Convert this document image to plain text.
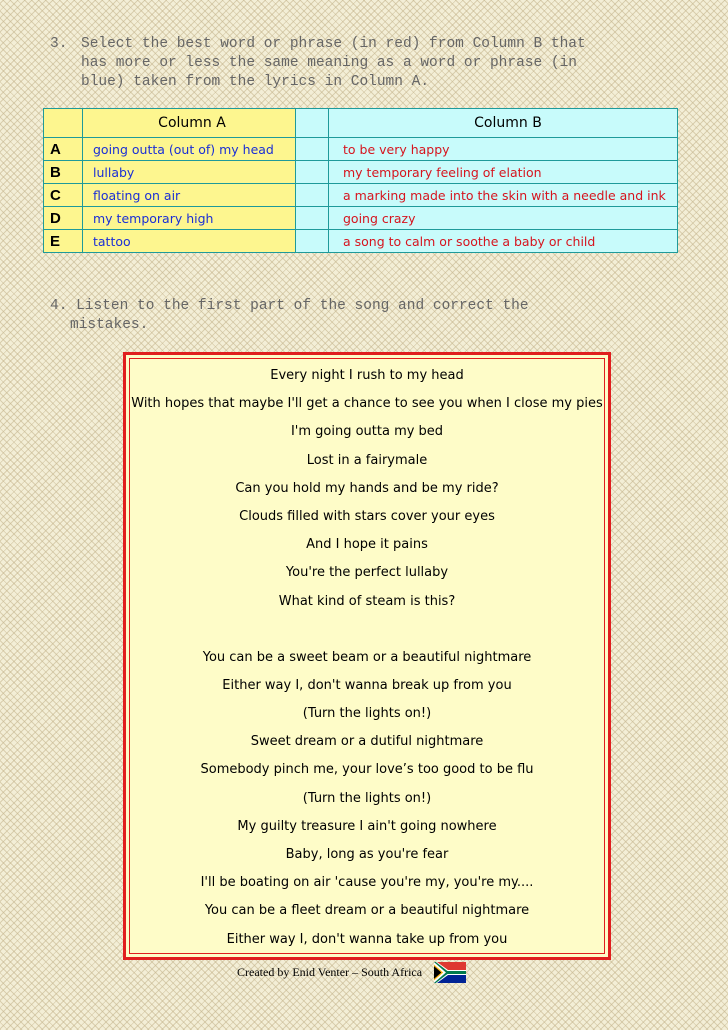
3. Select the best word or phrase (in red) from Column B that
has more or less the same meaning as a word or phrase (in
blue) taken from the lyrics in Column A.
	Column A		Column B
A	going outta (out of) my head		to be very happy
B	lullaby		my temporary feeling of elation
C	floating on air		a marking made into the skin with a needle and ink
D	my temporary high		going crazy
E	tattoo		a song to calm or soothe a baby or child
4. Listen to the first part of the song and correct the
mistakes.
Every night I rush to my head
With hopes that maybe I'll get a chance to see you when I close my pies
I'm going outta my bed
Lost in a fairymale
Can you hold my hands and be my ride?
Clouds filled with stars cover your eyes
And I hope it pains
You're the perfect lullaby
What kind of steam is this?
You can be a sweet beam or a beautiful nightmare
Either way I, don't wanna break up from you
(Turn the lights on!)
Sweet dream or a dutiful nightmare
Somebody pinch me, your love’s too good to be flu
(Turn the lights on!)
My guilty treasure I ain't going nowhere
Baby, long as you're fear
I'll be boating on air 'cause you're my, you're my....
You can be a fleet dream or a beautiful nightmare
Either way I, don't wanna take up from you
Created by Enid Venter – South Africa
